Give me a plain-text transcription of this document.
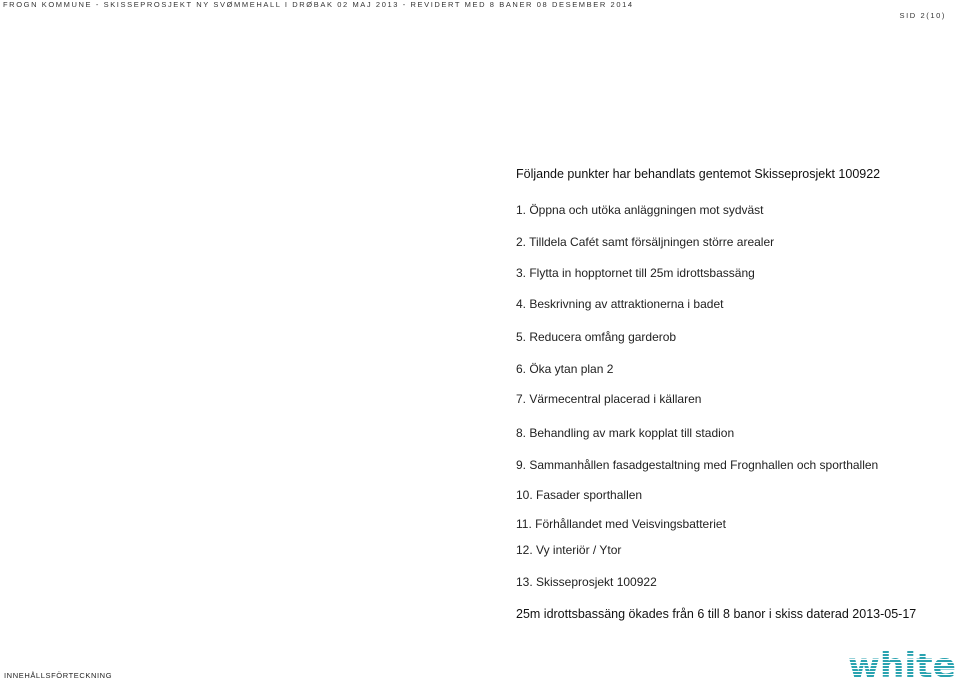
FROGN KOMMUNE - SKISSEPROSJEKT NY SVØMMEHALL I DRØBAK 02 MAJ 2013 - REVIDERT MED 8 BANER 08 DESEMBER 2014
SID 2(10)
Följande punkter har behandlats gentemot Skisseprosjekt 100922
1. Öppna och utöka anläggningen mot sydväst
2. Tilldela Cafét samt försäljningen större arealer
3. Flytta in hopptornet till 25m idrottsbassäng
4. Beskrivning av attraktionerna i badet
5. Reducera omfång garderob
6. Öka ytan plan 2
7. Värmecentral placerad i källaren
8. Behandling av mark kopplat till stadion
9. Sammanhållen fasadgestaltning med Frognhallen och sporthallen
10. Fasader sporthallen
11. Förhållandet med Veisvingsbatteriet
12. Vy interiör / Ytor
13. Skisseprosjekt 100922
25m idrottsbassäng ökades från 6 till 8 banor i skiss daterad 2013-05-17
INNEHÅLLSFÖRTECKNING	white
